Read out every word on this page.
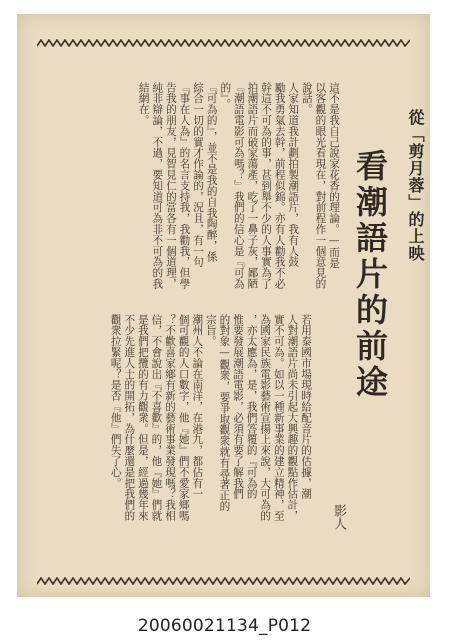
從「剪月蓉」的上映

看潮語片的前途

影人

這不是我自己說家花香的理論。—而是
以客觀的眼光看現在，對前程作一個意見的
說話。
人家知道我計劃拍製潮語片，我有人鼓
勵我勇氣去幹，前程似錦。亦有人勸我不必
幹這不可為的事，甚到舉不少的人事實為了
拍潮語片而破家蕩產，吃了一鼻子灰，鄙陋
『潮語電影可為嗎？』我們的信心是『可為
的』。
『可為的』，並不是我的自我陶醉，係
綜合一切的實才作論的，況且，有一句
『事在人為』的名言支持我，我勸我，但學
告我的朋友，見智見仁的當各有一個道理，
純非辯論，不過，要知道可為非不可為的我
結網在。

若用泰國市場現時給配音片的估據，潮
人對潮語片尚未引起大興趣的觀點作估計，
實不可為。如以一種新事業的建立精神，至
為國家民族電影藝術宣揚上來說，大可為的
，亦太應為，是，我們答覆的『可為的
惟要發展潮語電影，必須有要了解我們
的對象—觀衆，要爭取觀衆就有尋著正的
宗旨。
潮州人不論在南洋，在港九，都佔有一
個可觀的人口數字，他『她』們不愛家鄉嗎
？不歡喜家鄉有新的藝術事業發現嗎？我相
信，不會說出『不喜歡』的，他『她』們就
是我們把攬的有力觀衆。但是，經過幾年來
不少先進人士的開拓，為什麼還是把我們的
觀衆拉緊呢？是否『他』們失了心。

20060021134_P012
